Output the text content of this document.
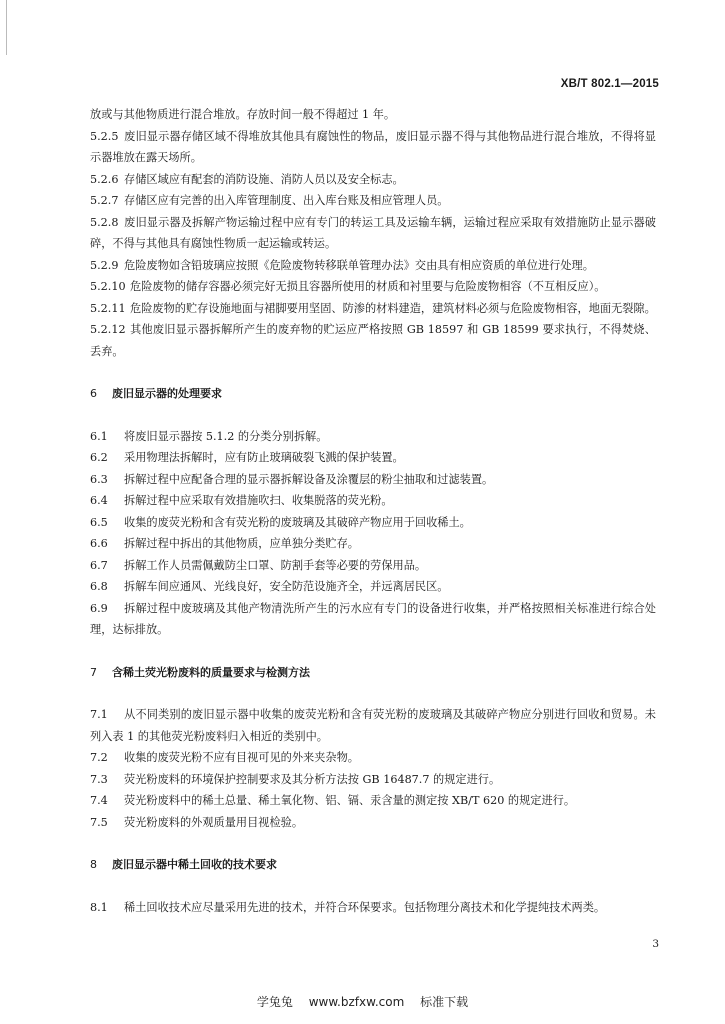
XB/T 802.1—2015

放或与其他物质进行混合堆放。存放时间一般不得超过 1 年。

5.2.5 废旧显示器存储区域不得堆放其他具有腐蚀性的物品，废旧显示器不得与其他物品进行混合堆放，不得将显示器堆放在露天场所。

5.2.6 存储区域应有配套的消防设施、消防人员以及安全标志。

5.2.7 存储区应有完善的出入库管理制度、出入库台账及相应管理人员。

5.2.8 废旧显示器及拆解产物运输过程中应有专门的转运工具及运输车辆，运输过程应采取有效措施防止显示器破碎，不得与其他具有腐蚀性物质一起运输或转运。

5.2.9 危险废物如含铅玻璃应按照《危险废物转移联单管理办法》交由具有相应资质的单位进行处理。

5.2.10 危险废物的储存容器必须完好无损且容器所使用的材质和衬里要与危险废物相容（不互相反应）。

5.2.11 危险废物的贮存设施地面与裙脚要用坚固、防渗的材料建造，建筑材料必须与危险废物相容，地面无裂隙。

5.2.12 其他废旧显示器拆解所产生的废弃物的贮运应严格按照 GB 18597 和 GB 18599 要求执行，不得焚烧、丢弃。

6 废旧显示器的处理要求

6.1 将废旧显示器按 5.1.2 的分类分别拆解。

6.2 采用物理法拆解时，应有防止玻璃破裂飞溅的保护装置。

6.3 拆解过程中应配备合理的显示器拆解设备及涂覆层的粉尘抽取和过滤装置。

6.4 拆解过程中应采取有效措施吹扫、收集脱落的荧光粉。

6.5 收集的废荧光粉和含有荧光粉的废玻璃及其破碎产物应用于回收稀土。

6.6 拆解过程中拆出的其他物质，应单独分类贮存。

6.7 拆解工作人员需佩戴防尘口罩、防割手套等必要的劳保用品。

6.8 拆解车间应通风、光线良好，安全防范设施齐全，并远离居民区。

6.9 拆解过程中废玻璃及其他产物清洗所产生的污水应有专门的设备进行收集，并严格按照相关标准进行综合处理，达标排放。

7 含稀土荧光粉废料的质量要求与检测方法

7.1 从不同类别的废旧显示器中收集的废荧光粉和含有荧光粉的废玻璃及其破碎产物应分别进行回收和贸易。未列入表 1 的其他荧光粉废料归入相近的类别中。

7.2 收集的废荧光粉不应有目视可见的外来夹杂物。

7.3 荧光粉废料的环境保护控制要求及其分析方法按 GB 16487.7 的规定进行。

7.4 荧光粉废料中的稀土总量、稀土氧化物、铝、镉、汞含量的测定按 XB/T 620 的规定进行。

7.5 荧光粉废料的外观质量用目视检验。

8 废旧显示器中稀土回收的技术要求

8.1 稀土回收技术应尽量采用先进的技术，并符合环保要求。包括物理分离技术和化学提纯技术两类。

3
学兔兔 www.bzfxw.com 标准下载
